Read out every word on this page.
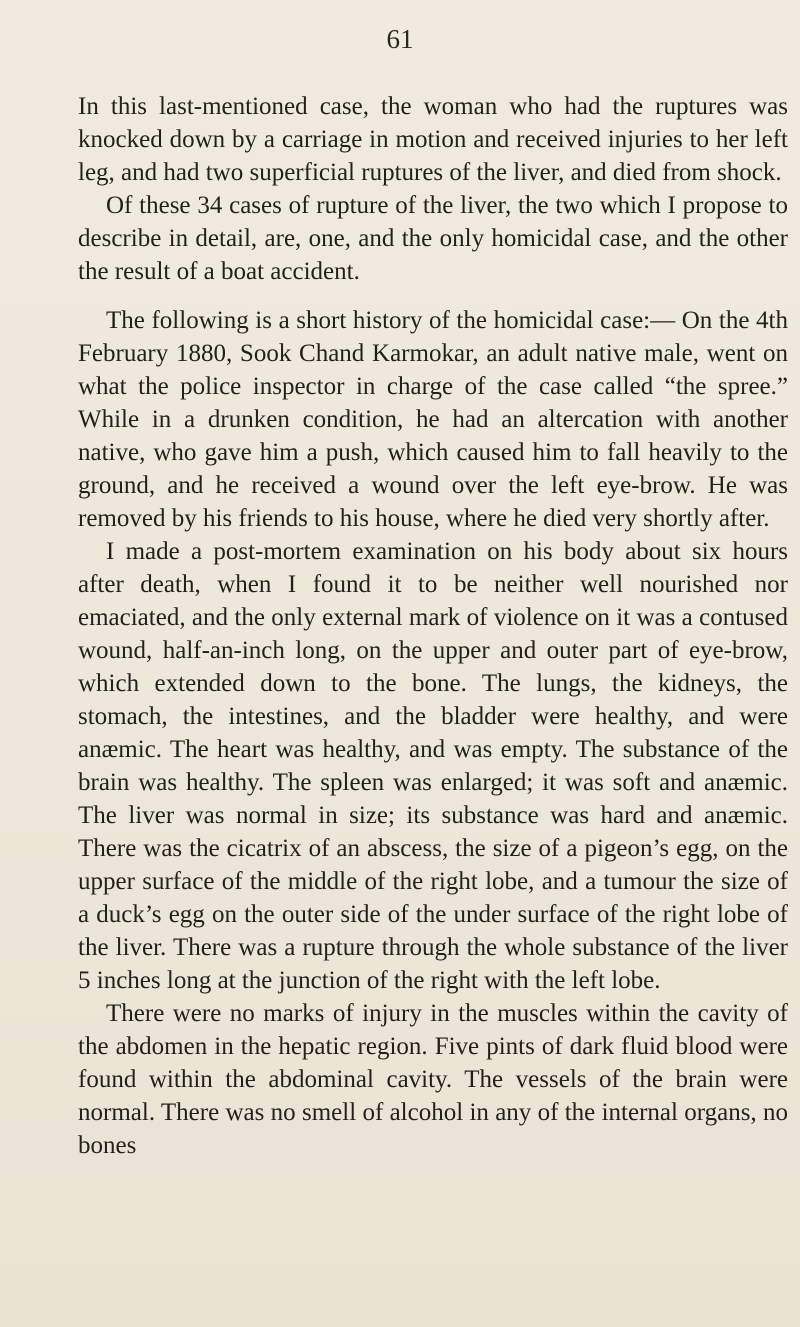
61

In this last-mentioned case, the woman who had the ruptures was knocked down by a carriage in motion and received injuries to her left leg, and had two superficial ruptures of the liver, and died from shock.

Of these 34 cases of rupture of the liver, the two which I propose to describe in detail, are, one, and the only homicidal case, and the other the result of a boat accident.

The following is a short history of the homicidal case:— On the 4th February 1880, Sook Chand Karmokar, an adult native male, went on what the police inspector in charge of the case called “the spree.” While in a drunken condition, he had an altercation with another native, who gave him a push, which caused him to fall heavily to the ground, and he received a wound over the left eye-brow. He was removed by his friends to his house, where he died very shortly after.

I made a post-mortem examination on his body about six hours after death, when I found it to be neither well nourished nor emaciated, and the only external mark of violence on it was a contused wound, half-an-inch long, on the upper and outer part of eye-brow, which extended down to the bone. The lungs, the kidneys, the stomach, the intestines, and the bladder were healthy, and were anæmic. The heart was healthy, and was empty. The substance of the brain was healthy. The spleen was enlarged; it was soft and anæmic. The liver was normal in size; its substance was hard and anæmic. There was the cicatrix of an abscess, the size of a pigeon’s egg, on the upper surface of the middle of the right lobe, and a tumour the size of a duck’s egg on the outer side of the under surface of the right lobe of the liver. There was a rupture through the whole substance of the liver 5 inches long at the junction of the right with the left lobe.

There were no marks of injury in the muscles within the cavity of the abdomen in the hepatic region. Five pints of dark fluid blood were found within the abdominal cavity. The vessels of the brain were normal. There was no smell of alcohol in any of the internal organs, no bones
